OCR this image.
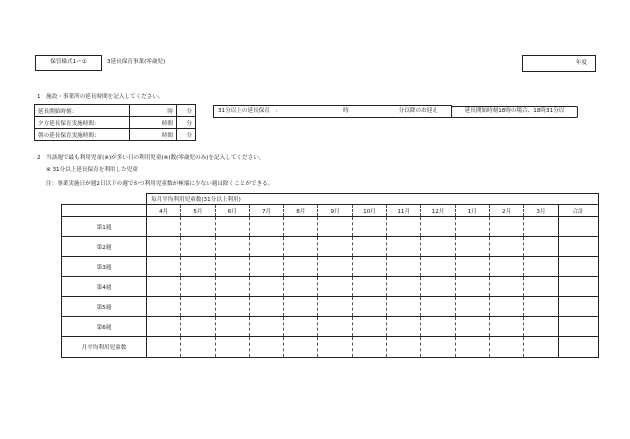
保管様式1ー①	3延長保育事業(零歳児)	年度
1　施設・事業所の延長時間を記入してください。
延長開始時刻：	時	分
夕方延長保育実施時間：	時間	分
朝の延長保育実施時間：	時間	分
31分以上の延長保育　：	時	分以降のお迎え	延長開始時刻18時の場合、18時31分以
2　当該週で最も利用児童(※)が多い日の利用児童(※)数(零歳児のみ)を記入してください。
※ 31分以上延長保育を利用した児童
注：事業実施日が週2日以下の週でかつ利用児童数が極端に少ない週は除くことができる。
	毎月平均利用児童数(31分以上利用)												
	4月	5月	6月	7月	8月	9月	10月	11月	12月	1月	2月	3月	合計
第1週													
第2週													
第3週													
第4週													
第5週													
第6週													
月平均利用児童数													
